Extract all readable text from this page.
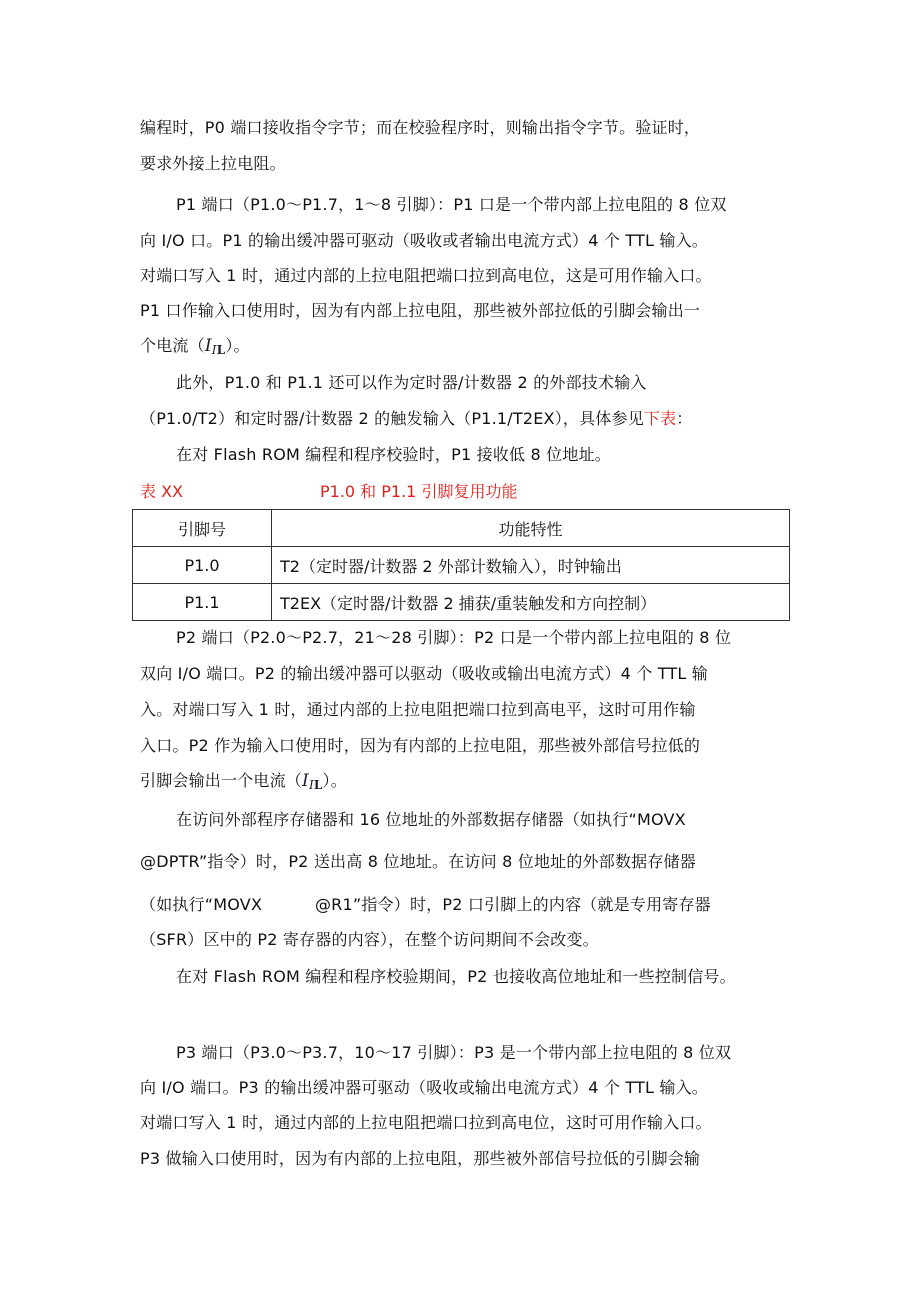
编程时，P0 端口接收指令字节；而在校验程序时，则输出指令字节。验证时，
要求外接上拉电阻。
P1 端口（P1.0～P1.7，1～8 引脚）：P1 口是一个带内部上拉电阻的 8 位双
向 I/O 口。P1 的输出缓冲器可驱动（吸收或者输出电流方式）4 个 TTL 输入。
对端口写入 1 时，通过内部的上拉电阻把端口拉到高电位，这是可用作输入口。
P1 口作输入口使用时，因为有内部上拉电阻，那些被外部拉低的引脚会输出一
个电流$(II_L)$。
此外，P1.0 和 P1.1 还可以作为定时器/计数器 2 的外部技术输入
（P1.0/T2）和定时器/计数器 2 的触发输入（P1.1/T2EX），具体参见下表：
在对 Flash ROM 编程和程序校验时，P1 接收低 8 位地址。
表 XX	P1.0 和 P1.1 引脚复用功能
引脚号	功能特性
P1.0	T2（定时器/计数器 2 外部计数输入），时钟输出
P1.1	T2EX（定时器/计数器 2 捕获/重装触发和方向控制）
P2 端口（P2.0～P2.7，21～28 引脚）：P2 口是一个带内部上拉电阻的 8 位
双向 I/O 端口。P2 的输出缓冲器可以驱动（吸收或输出电流方式）4 个 TTL 输
入。对端口写入 1 时，通过内部的上拉电阻把端口拉到高电平，这时可用作输
入口。P2 作为输入口使用时，因为有内部的上拉电阻，那些被外部信号拉低的
引脚会输出一个电流$(II_L)$。
在访问外部程序存储器和 16 位地址的外部数据存储器（如执行“MOVX
@DPTR”指令）时，P2 送出高 8 位地址。在访问 8 位地址的外部数据存储器
（如执行“MOVX          @R1”指令）时，P2 口引脚上的内容（就是专用寄存器
（SFR）区中的 P2 寄存器的内容），在整个访问期间不会改变。
在对 Flash ROM 编程和程序校验期间，P2 也接收高位地址和一些控制信号。
P3 端口（P3.0～P3.7，10～17 引脚）：P3 是一个带内部上拉电阻的 8 位双
向 I/O 端口。P3 的输出缓冲器可驱动（吸收或输出电流方式）4 个 TTL 输入。
对端口写入 1 时，通过内部的上拉电阻把端口拉到高电位，这时可用作输入口。
P3 做输入口使用时，因为有内部的上拉电阻，那些被外部信号拉低的引脚会输
